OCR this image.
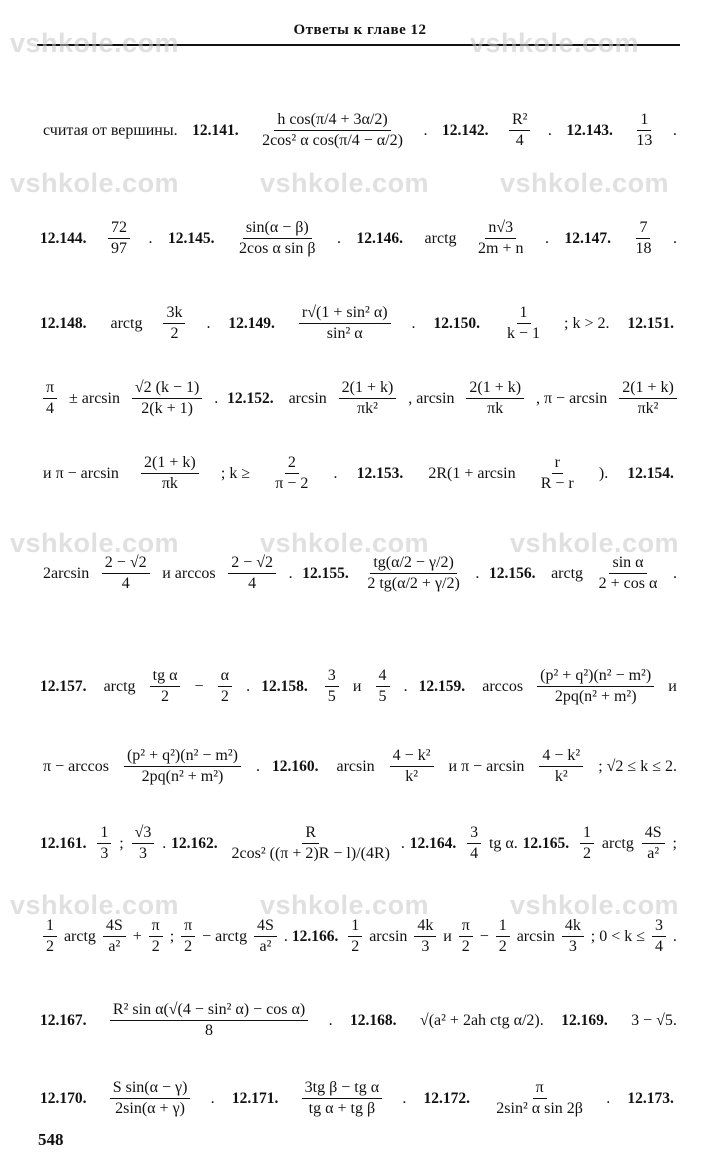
Ответы к главе 12
vshkole.com	vshkole.com
vshkole.com	vshkole.com	vshkole.com
vshkole.com	vshkole.com	vshkole.com
vshkole.com	vshkole.com	vshkole.com
считая от вершины. 12.141. $\frac{\text{h cos(π/4 + 3α/2)}}{\text{2cos² α cos(π/4 − α/2)}}$ . 12.142. $\frac{\text{R²}}{4}$ . 12.143. $\frac{1}{13}$ .
12.144. $\frac{72}{97}$ . 12.145. $\frac{\sin(\alpha - \beta)}{\text{2cos α sin β}}$ . 12.146. arctg $\frac{n√3}{2m + n}$ . 12.147. $\frac{7}{18}$ .
12.148. arctg $\frac{3k}{2}$ . 12.149. $\frac{\text{r√(1 + sin² α)}}{\text{sin² α}}$ . 12.150. $\frac{1}{k - 1}$ ; k > 2. 12.151.
$\frac{\pi}{4} \pm \arcsin \frac{√2 (k - 1)}{2(k + 1)}$ . 12.152. $\arcsin \frac{2(1 + k)}{\text{πk²}}$ , $\arcsin \frac{2(1 + k)}{\pi k}$ , $\pi - \arcsin \frac{2(1 + k)}{\text{πk²}}$
и $\pi - \arcsin \frac{2(1 + k)}{\pi k}$ ; $k \ge \frac{2}{\pi - 2}$ . 12.153. $2R(1 + \arcsin \frac{r}{R - r}$ ). 12.154.
$2\arcsin \frac{2 - √2}{4}$ и $\arccos \frac{2 - √2}{4}$ . 12.155. $\frac{tg(\alpha/2 - \gamma/2)}{2 tg(\alpha/2 + \gamma/2)}$ . 12.156. arctg $\frac{\text{sin α}}{\text{2 + cos α}}$ .
12.157. arctg $\frac{\text{tg α}}{2} - \frac{\alpha}{2}$ . 12.158. $\frac{3}{5}$ и $\frac{4}{5}$ . 12.159. $\arccos \frac{\text{(p² + q²)(n² − m²)}}{\text{2pq(n² + m²)}}$ и
$\pi - \arccos \frac{\text{(p² + q²)(n² − m²)}}{\text{2pq(n² + m²)}}$ . 12.160. $\arcsin \frac{\text{4 − k²}}{\text{k²}}$ и $\pi - \arcsin \frac{\text{4 − k²}}{\text{k²}}$ ; √2 ≤ k ≤ 2.
12.161. $\frac{1}{3}$ ; $\frac{√3}{3}$ . 12.162. $\frac{R}{\text{2cos² ((π + 2)R − l)/(4R)}}$ . 12.164. $\frac{3}{4}$ tg α. 12.165. $\frac{1}{2}$ arctg $\frac{4S}{\text{a²}}$ ;
$\frac{1}{2}$ arctg $\frac{4S}{\text{a²}} + \frac{\pi}{2}$ ; $\frac{\pi}{2}$ − arctg $\frac{4S}{\text{a²}}$ . 12.166. $\frac{1}{2}$ $\arcsin \frac{4k}{3}$ и $\frac{\pi}{2} - \frac{1}{2}$ $\arcsin \frac{4k}{3}$ ; $0 < k \le \frac{3}{4}$ .
12.167. $\frac{\text{R² sin α(√(4 − sin² α) − cos α)}}{8}$ . 12.168. √(a² + 2ah ctg α/2). 12.169. 3 − √5.
12.170. $\frac{\text{S sin(α − γ)}}{2\sin(\alpha + \gamma)}$ . 12.171. $\frac{\text{3tg β − tg α}}{\text{tg α + tg β}}$ . 12.172. $\frac{\pi}{\text{2sin² α sin 2β}}$ . 12.173.
548
